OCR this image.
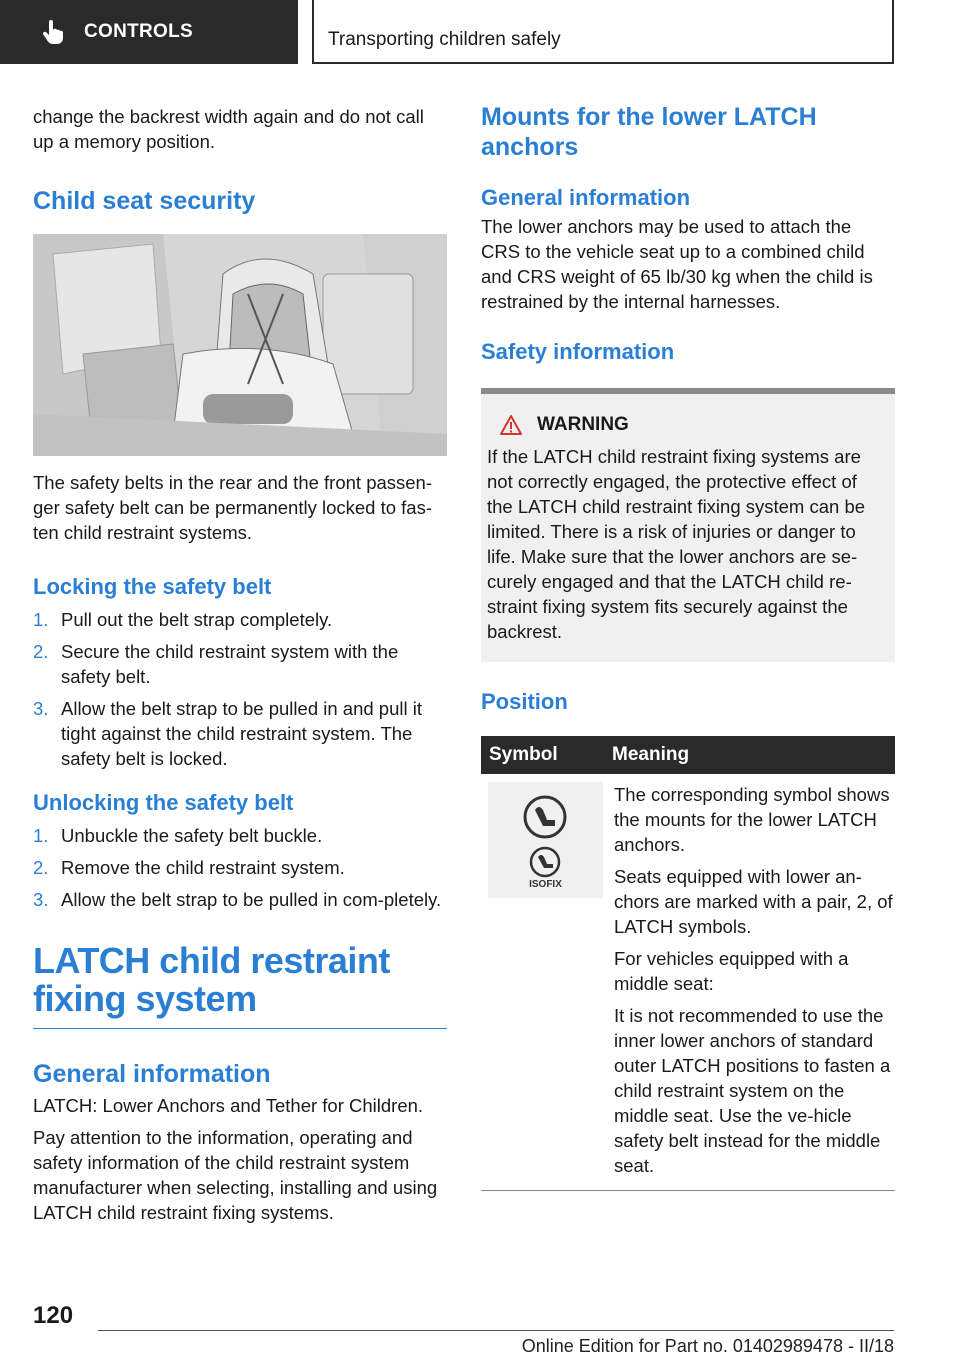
CONTROLS	Transporting children safely

change the backrest width again and do not call up a memory position.

Child seat security

The safety belts in the rear and the front passen-ger safety belt can be permanently locked to fas-ten child restraint systems.

Locking the safety belt
1. Pull out the belt strap completely.
2. Secure the child restraint system with the safety belt.
3. Allow the belt strap to be pulled in and pull it tight against the child restraint system. The safety belt is locked.
Unlocking the safety belt
1. Unbuckle the safety belt buckle.
2. Remove the child restraint system.
3. Allow the belt strap to be pulled in com-pletely.
LATCH child restraint fixing system
General information

LATCH: Lower Anchors and Tether for Children.

Pay attention to the information, operating and safety information of the child restraint system manufacturer when selecting, installing and using LATCH child restraint fixing systems.

Mounts for the lower LATCH anchors
General information

The lower anchors may be used to attach the CRS to the vehicle seat up to a combined child and CRS weight of 65 lb/30 kg when the child is restrained by the internal harnesses.

Safety information
WARNING

If the LATCH child restraint fixing systems are not correctly engaged, the protective effect of the LATCH child restraint fixing system can be limited. There is a risk of injuries or danger to life. Make sure that the lower anchors are se-curely engaged and that the LATCH child re-straint fixing system fits securely against the backrest.

Position
Symbol	Meaning

ISOFIX	The corresponding symbol shows the mounts for the lower LATCH anchors.

Seats equipped with lower an-chors are marked with a pair, 2, of LATCH symbols.

For vehicles equipped with a middle seat:

It is not recommended to use the inner lower anchors of standard outer LATCH positions to fasten a child restraint system on the middle seat. Use the ve-hicle safety belt instead for the middle seat.

120
Online Edition for Part no. 01402989478 - II/18
